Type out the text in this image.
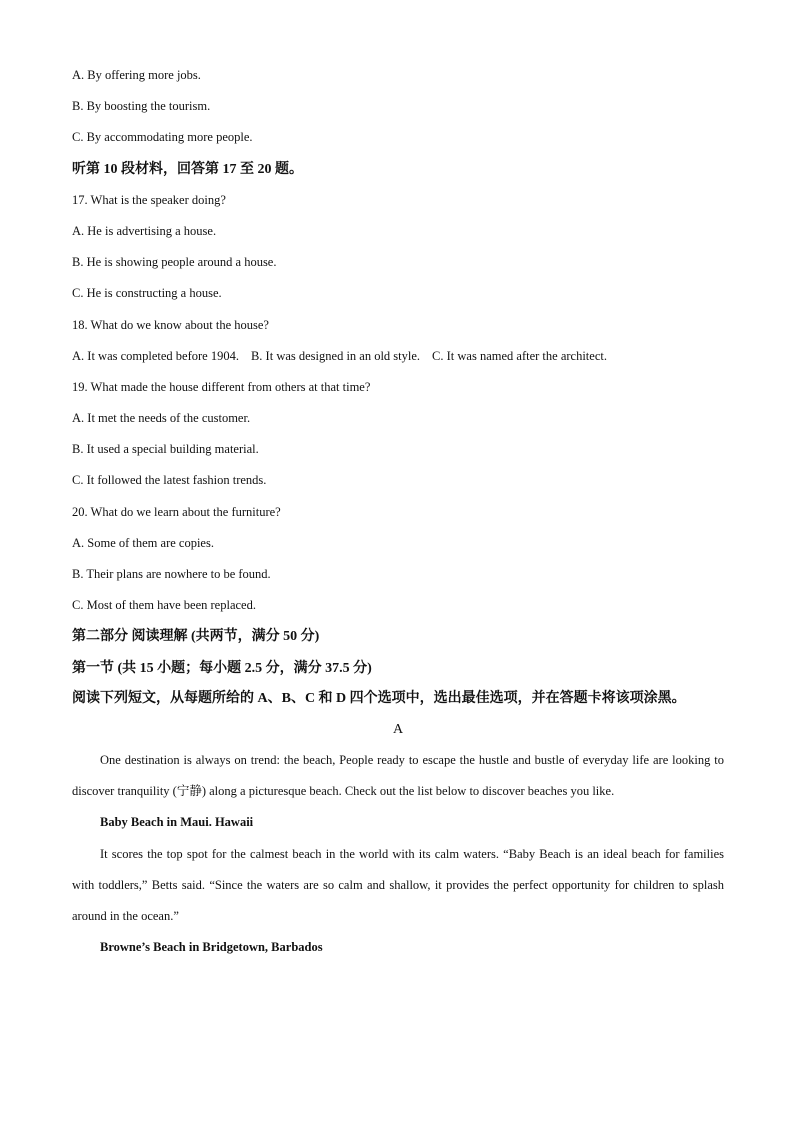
A. By offering more jobs.
B. By boosting the tourism.
C. By accommodating more people.
听第 10 段材料，回答第 17 至 20 题。
17. What is the speaker doing?
A. He is advertising a house.
B. He is showing people around a house.
C. He is constructing a house.
18. What do we know about the house?
A. It was completed before 1904. B. It was designed in an old style. C. It was named after the architect.
19. What made the house different from others at that time?
A. It met the needs of the customer.
B. It used a special building material.
C. It followed the latest fashion trends.
20. What do we learn about the furniture?
A. Some of them are copies.
B. Their plans are nowhere to be found.
C. Most of them have been replaced.
第二部分 阅读理解 (共两节，满分 50 分)
第一节 (共 15 小题；每小题 2.5 分，满分 37.5 分)
阅读下列短文，从每题所给的 A、B、C 和 D 四个选项中，选出最佳选项，并在答题卡将该项涂黑。
A
One destination is always on trend: the beach, People ready to escape the hustle and bustle of everyday life are looking to discover tranquility (宁静) along a picturesque beach. Check out the list below to discover beaches you like.
Baby Beach in Maui. Hawaii
It scores the top spot for the calmest beach in the world with its calm waters. “Baby Beach is an ideal beach for families with toddlers,” Betts said. “Since the waters are so calm and shallow, it provides the perfect opportunity for children to splash around in the ocean.”
Browne’s Beach in Bridgetown, Barbados
